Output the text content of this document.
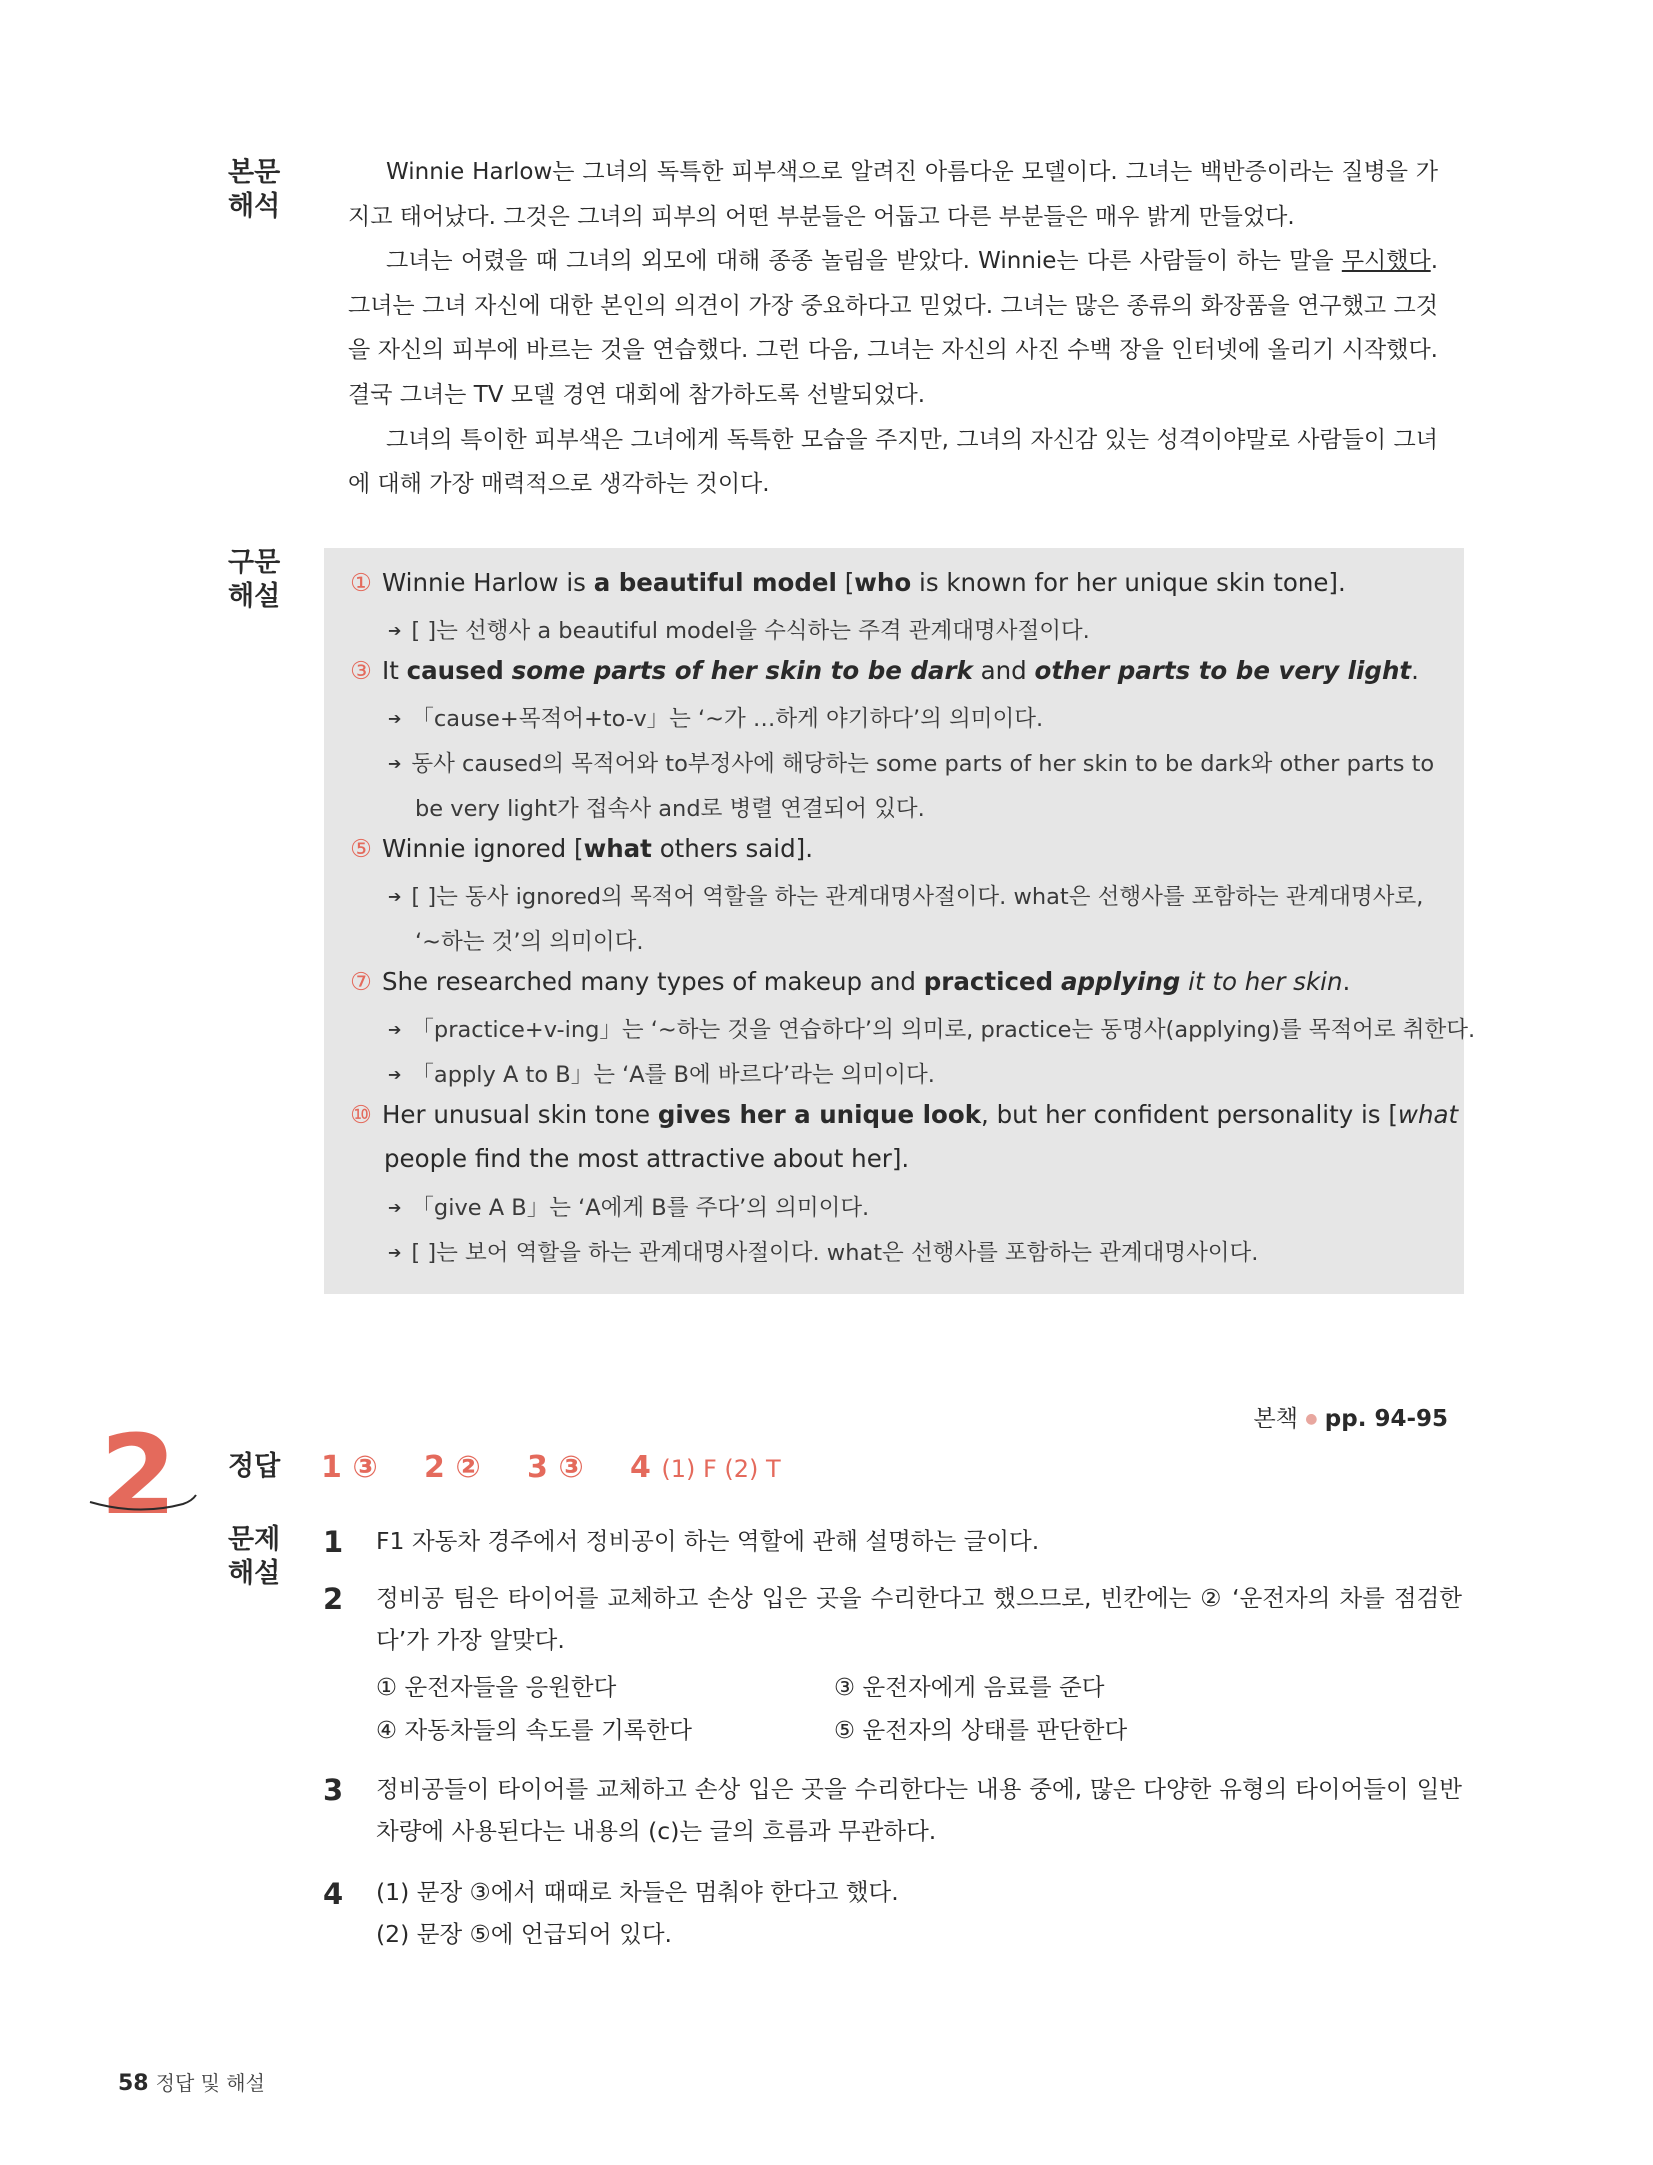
본문
해석

Winnie Harlow는 그녀의 독특한 피부색으로 알려진 아름다운 모델이다. 그녀는 백반증이라는 질병을 가지고 태어났다. 그것은 그녀의 피부의 어떤 부분들은 어둡고 다른 부분들은 매우 밝게 만들었다.

그녀는 어렸을 때 그녀의 외모에 대해 종종 놀림을 받았다. Winnie는 다른 사람들이 하는 말을 무시했다. 그녀는 그녀 자신에 대한 본인의 의견이 가장 중요하다고 믿었다. 그녀는 많은 종류의 화장품을 연구했고 그것을 자신의 피부에 바르는 것을 연습했다. 그런 다음, 그녀는 자신의 사진 수백 장을 인터넷에 올리기 시작했다. 결국 그녀는 TV 모델 경연 대회에 참가하도록 선발되었다.

그녀의 특이한 피부색은 그녀에게 독특한 모습을 주지만, 그녀의 자신감 있는 성격이야말로 사람들이 그녀에 대해 가장 매력적으로 생각하는 것이다.

구문
해설	① Winnie Harlow is a beautiful model [who is known for her unique skin tone].
➔ [ ]는 선행사 a beautiful model을 수식하는 주격 관계대명사절이다.
③ It caused some parts of her skin to be dark and other parts to be very light.
➔ 「cause+목적어+to-v」는 ‘~가 …하게 야기하다’의 의미이다.
➔ 동사 caused의 목적어와 to부정사에 해당하는 some parts of her skin to be dark와 other parts to
be very light가 접속사 and로 병렬 연결되어 있다.
⑤ Winnie ignored [what others said].
➔ [ ]는 동사 ignored의 목적어 역할을 하는 관계대명사절이다. what은 선행사를 포함하는 관계대명사로,
‘~하는 것’의 의미이다.
⑦ She researched many types of makeup and practiced applying it to her skin.
➔ 「practice+v-ing」는 ‘~하는 것을 연습하다’의 의미로, practice는 동명사(applying)를 목적어로 취한다.
➔ 「apply A to B」는 ‘A를 B에 바르다’라는 의미이다.
⑩ Her unusual skin tone gives her a unique look, but her confident personality is [what
people find the most attractive about her].
➔ 「give A B」는 ‘A에게 B를 주다’의 의미이다.
➔ [ ]는 보어 역할을 하는 관계대명사절이다. what은 선행사를 포함하는 관계대명사이다.
본책 ● pp. 94-95
2 정답 1 ③ 2 ② 3 ③ 4 (1) F (2) T
문제
해설
1 F1 자동차 경주에서 정비공이 하는 역할에 관해 설명하는 글이다.
2 정비공 팀은 타이어를 교체하고 손상 입은 곳을 수리한다고 했으므로, 빈칸에는 ② ‘운전자의 차를 점검한다’가 가장 알맞다.
① 운전자들을 응원한다	③ 운전자에게 음료를 준다
④ 자동차들의 속도를 기록한다	⑤ 운전자의 상태를 판단한다
3 정비공들이 타이어를 교체하고 손상 입은 곳을 수리한다는 내용 중에, 많은 다양한 유형의 타이어들이 일반 차량에 사용된다는 내용의 (c)는 글의 흐름과 무관하다.
4 (1) 문장 ③에서 때때로 차들은 멈춰야 한다고 했다.
(2) 문장 ⑤에 언급되어 있다.
58 정답 및 해설
